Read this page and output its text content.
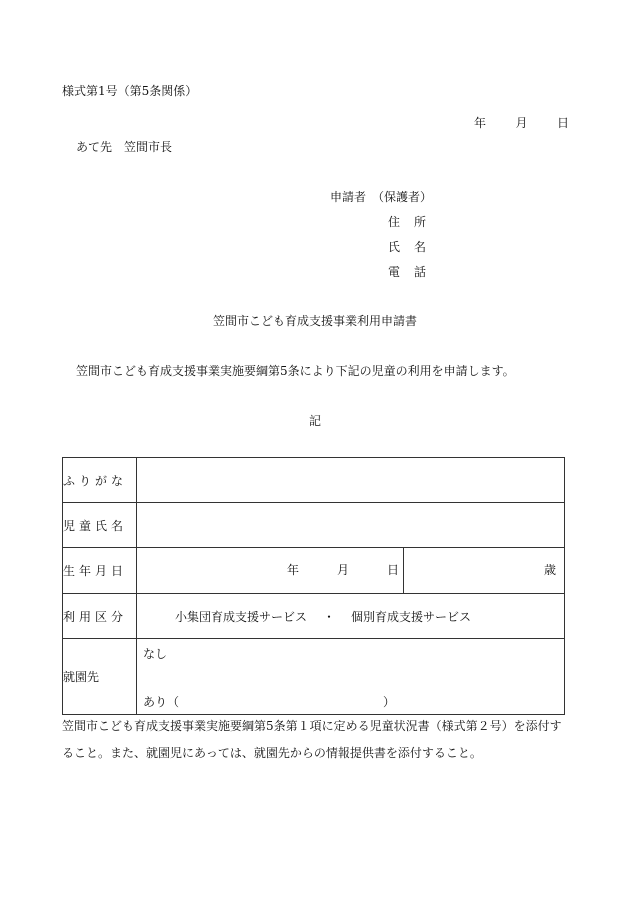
様式第1号（第5条関係）
年 月 日
あて先　笠間市長
申請者　（保護者）
住 所
氏 名
電 話
笠間市こども育成支援事業利用申請書
笠間市こども育成支援事業実施要綱第5条により下記の児童の利用を申請します。
記
ふりがな	
児童氏名	
生年月日	年 月 日 歳

利用区分	小集団育成支援サービス ・ 個別育成支援サービス

就園先	なし
あり（ ）
笠間市こども育成支援事業実施要綱第5条第１項に定める児童状況書（様式第２号）を添付すること。また、就園児にあっては、就園先からの情報提供書を添付すること。
